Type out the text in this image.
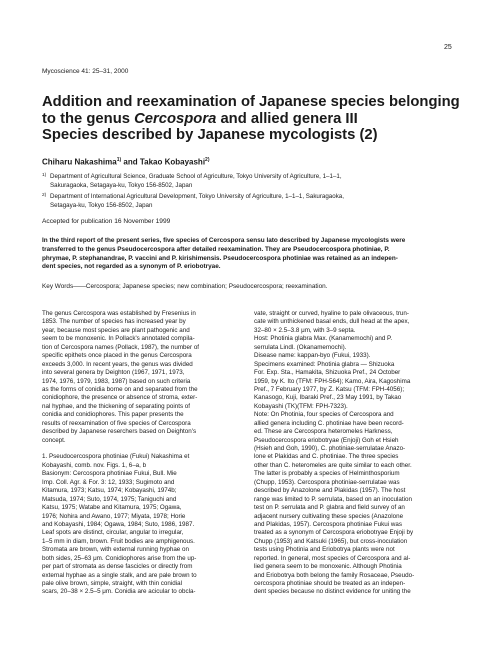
25
Mycoscience 41: 25–31, 2000
Addition and reexamination of Japanese species belonging
to the genus Cercospora and allied genera III
Species described by Japanese mycologists (2)
Chiharu Nakashima$^{1)}$ and Takao Kobayashi$^{2)}$
1) Department of Agricultural Science, Graduate School of Agriculture, Tokyo University of Agriculture, 1–1–1,
Sakuragaoka, Setagaya-ku, Tokyo 156-8502, Japan
2) Department of International Agricultural Development, Tokyo University of Agriculture, 1–1–1, Sakuragaoka,
Setagaya-ku, Tokyo 156-8502, Japan
Accepted for publication 16 November 1999
In the third report of the present series, five species of Cercospora sensu lato described by Japanese mycologists were
transferred to the genus Pseudocercospora after detailed reexamination. They are Pseudocercospora photiniae, P.
phrymae, P. stephanandrae, P. vaccini and P. kirishimensis. Pseudocercospora photiniae was retained as an indepen-
dent species, not regarded as a synonym of P. eriobotryae.
Key Words——Cercospora; Japanese species; new combination; Pseudocercospora; reexamination.
The genus Cercospora was established by Fresenius in
1853. The number of species has increased year by
year, because most species are plant pathogenic and
seem to be monoxenic. In Pollack's annotated compila-
tion of Cercospora names (Pollack, 1987), the number of
specific epithets once placed in the genus Cercospora
exceeds 3,000. In recent years, the genus was divided
into several genera by Deighton (1967, 1971, 1973,
1974, 1976, 1979, 1983, 1987) based on such criteria
as the forms of conidia borne on and separated from the
conidiophore, the presence or absence of stroma, exter-
nal hyphae, and the thickening of separating points of
conidia and conidiophores. This paper presents the
results of reexamination of five species of Cercospora
described by Japanese reserchers based on Deighton's
concept.
1. Pseudocercospora photiniae (Fukui) Nakashima et
Kobayashi, comb. nov. Figs. 1, 6–a, b
Basionym: Cercospora photiniae Fukui, Bull. Mie
Imp. Coll. Agr. & For. 3: 12, 1933; Sugimoto and
Kitamura, 1973; Katsu, 1974; Kobayashi, 1974b;
Matsuda, 1974; Suto, 1974, 1975; Taniguchi and
Katsu, 1975; Watabe and Kitamura, 1975; Ogawa,
1976; Nohira and Awano, 1977; Miyata, 1978; Horie
and Kobayashi, 1984; Ogawa, 1984; Suto, 1986, 1987.
Leaf spots are distinct, circular, angular to irregular,
1–5 mm in diam, brown. Fruit bodies are amphigenous.
Stromata are brown, with external running hyphae on
both sides, 25–63 μm. Conidiophores arise from the up-
per part of stromata as dense fascicles or directly from
external hyphae as a single stalk, and are pale brown to
pale olive brown, simple, straight, with thin conidial
scars, 20–38 × 2.5–5 μm. Conidia are acicular to obcla-
vate, straight or curved, hyaline to pale olivaceous, trun-
cate with unthickened basal ends, dull head at the apex,
32–80 × 2.5–3.8 μm, with 3–9 septa.
Host: Photinia glabra Max. (Kanamemochi) and P.
serrulata Lindl. (Okanamemochi).
Disease name: kappan-byo (Fukui, 1933).
Specimens examined: Photinia glabra — Shizuoka
For. Exp. Sta., Hamakita, Shizuoka Pref., 24 October
1959, by K. Ito (TFM: FPH-564); Kamo, Aira, Kagoshima
Pref., 7 February 1977, by Z. Katsu (TFM: FPH-4056);
Kanasogo, Kuji, Ibaraki Pref., 23 May 1991, by Takao
Kobayashi (TK)(TFM: FPH-7323).
Note: On Photinia, four species of Cercospora and
allied genera including C. photiniae have been record-
ed. These are Cercospora heteromeles Harkness,
Pseudocercospora eriobotryae (Enjoji) Goh et Hsieh
(Hsieh and Goh, 1990), C. photiniae-serrulatae Anazo-
lone et Plakidas and C. photiniae. The three species
other than C. heteromeles are quite similar to each other.
The latter is probably a species of Helminthosporium
(Chupp, 1953). Cercospora photiniae-serrulatae was
described by Anazolone and Plakidas (1957). The host
range was limited to P. serrulata, based on an inoculation
test on P. serrulata and P. glabra and field survey of an
adjacent nursery cultivating these species (Anazolone
and Plakidas, 1957). Cercospora photiniae Fukui was
treated as a synonym of Cercospora eriobotryae Enjoji by
Chupp (1953) and Katsuki (1965), but cross-inoculation
tests using Photinia and Eriobotrya plants were not
reported. In general, most species of Cercospora and al-
lied genera seem to be monoxenic. Although Photinia
and Eriobotrya both belong the family Rosaceae, Pseudo-
cercospora photiniae should be treated as an indepen-
dent species because no distinct evidence for uniting the
